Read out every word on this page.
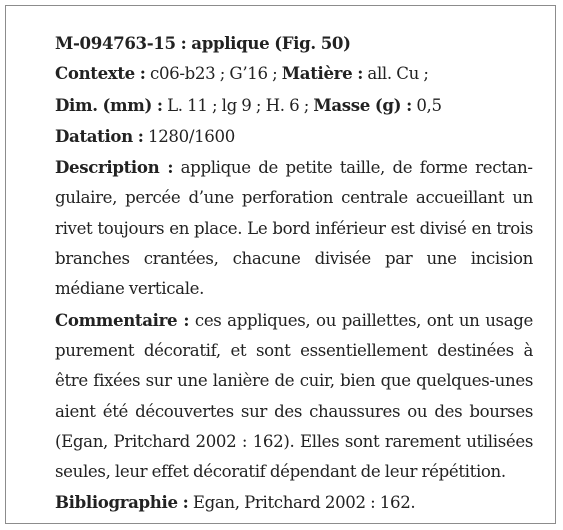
M-094763-15 : applique (Fig. 50)

Contexte : c06-b23 ; G’16 ; Matière : all. Cu ;

Dim. (mm) : L. 11 ; lg 9 ; H. 6 ; Masse (g) : 0,5

Datation : 1280/1600

Description : applique de petite taille, de forme rectangulaire, percée d’une perforation centrale accueillant un rivet toujours en place. Le bord inférieur est divisé en trois branches crantées, chacune divisée par une incision médiane verticale.

Commentaire : ces appliques, ou paillettes, ont un usage purement décoratif, et sont essentiellement destinées à être fixées sur une lanière de cuir, bien que quelques-unes aient été découvertes sur des chaussures ou des bourses (Egan, Pritchard 2002 : 162). Elles sont rarement utilisées seules, leur effet décoratif dépendant de leur répétition.

Bibliographie : Egan, Pritchard 2002 : 162.
